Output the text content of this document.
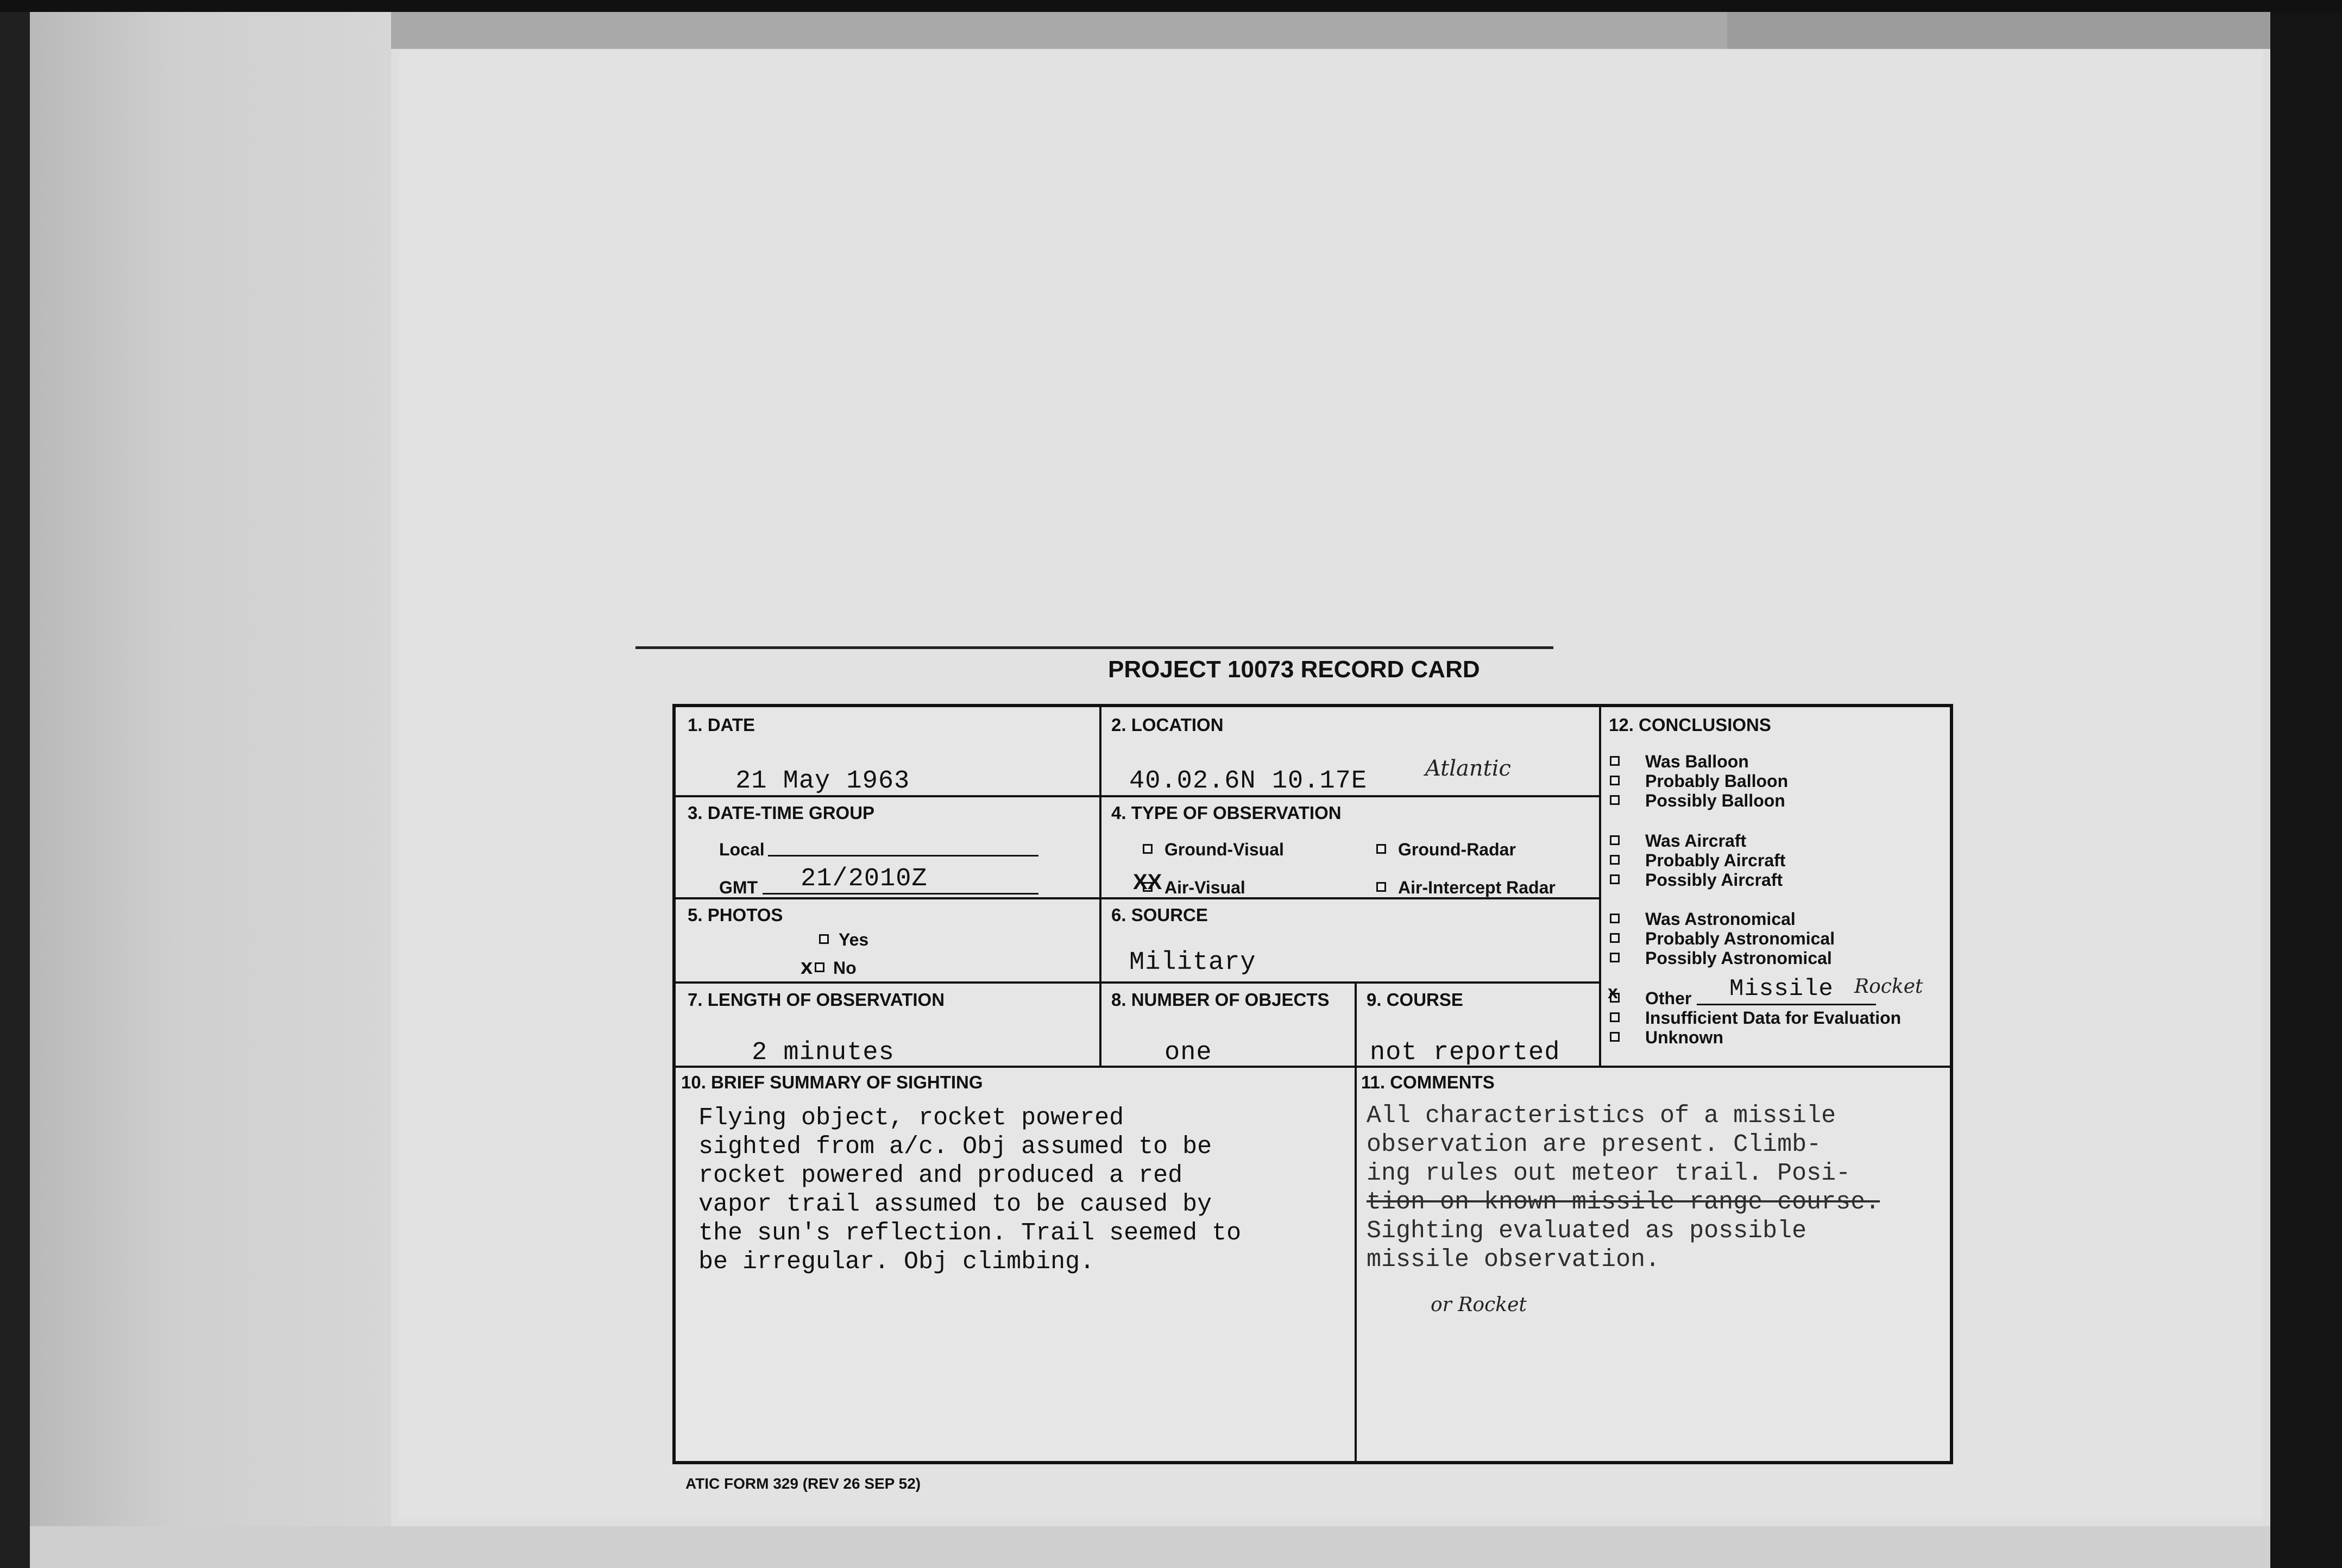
PROJECT 10073 RECORD CARD
1. DATE
21 May 1963
2. LOCATION
40.02.6N 10.17E	Atlantic
3. DATE-TIME GROUP
Local
GMT 21/2010Z
4. TYPE OF OBSERVATION
Ground-Visual	Ground-Radar
XX Air-Visual	Air-Intercept Radar
5. PHOTOS
Yes
x No
6. SOURCE
Military
7. LENGTH OF OBSERVATION
2 minutes
8. NUMBER OF OBJECTS
one
9. COURSE
not reported
12. CONCLUSIONS
Was Balloon
Probably Balloon
Possibly Balloon
Was Aircraft
Probably Aircraft
Possibly Aircraft
Was Astronomical
Probably Astronomical
Possibly Astronomical
x Other Missile Rocket
Insufficient Data for Evaluation
Unknown
10. BRIEF SUMMARY OF SIGHTING
Flying object, rocket powered
sighted from a/c. Obj assumed to be
rocket powered and produced a red
vapor trail assumed to be caused by
the sun's reflection. Trail seemed to
be irregular. Obj climbing.
11. COMMENTS
All characteristics of a missile
observation are present. Climb-
ing rules out meteor trail. Posi-
tion on known missile range course.
Sighting evaluated as possible
missile observation.
or Rocket
ATIC FORM 329 (REV 26 SEP 52)
